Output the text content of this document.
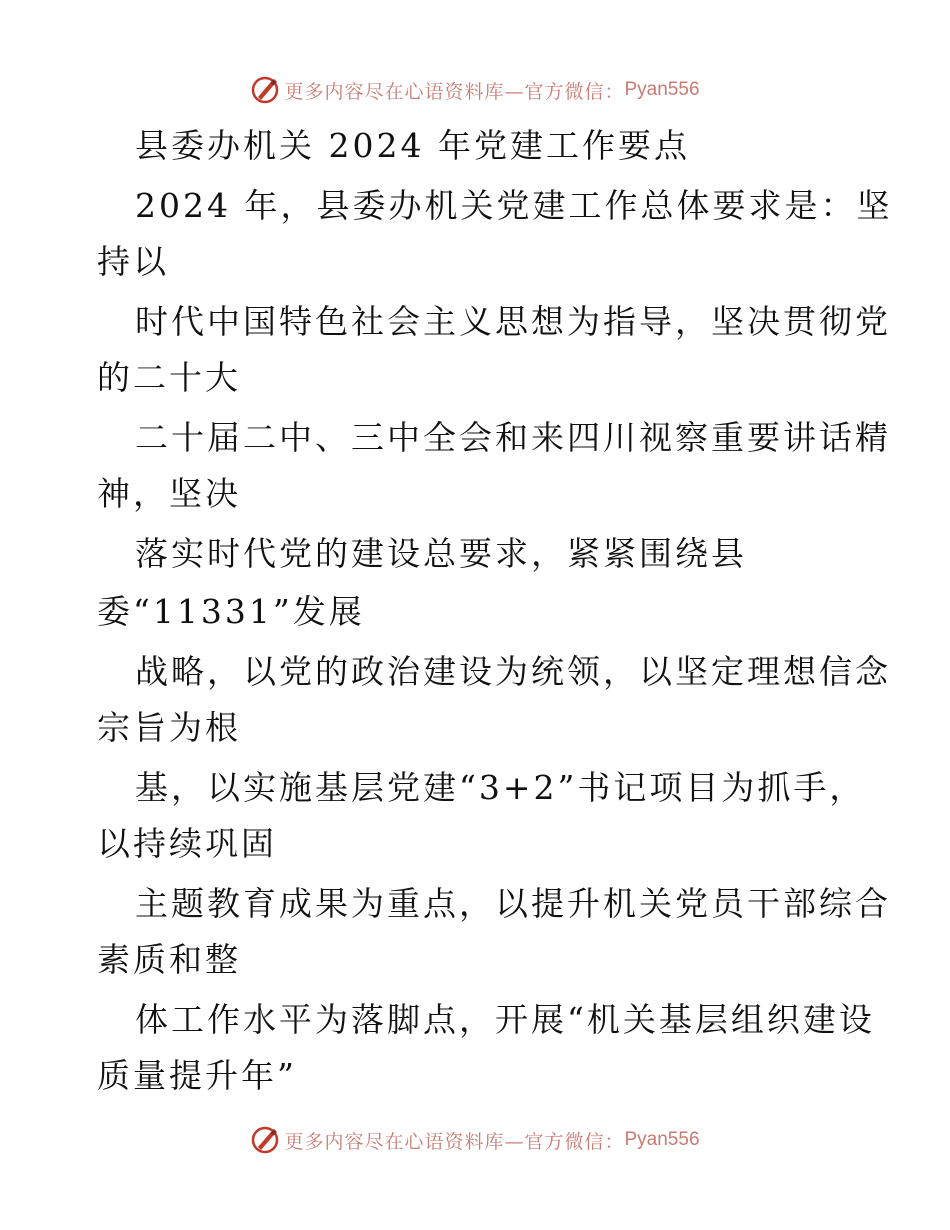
更多内容尽在心语资料库—官方微信： Pyan556
县委办机关 2024 年党建工作要点
2024 年，县委办机关党建工作总体要求是：坚
持以
时代中国特色社会主义思想为指导，坚决贯彻党
的二十大
二十届二中、三中全会和来四川视察重要讲话精
神，坚决
落实时代党的建设总要求，紧紧围绕县
委“11331”发展
战略，以党的政治建设为统领，以坚定理想信念
宗旨为根
基，以实施基层党建“3+2”书记项目为抓手，
以持续巩固
主题教育成果为重点，以提升机关党员干部综合
素质和整
体工作水平为落脚点，开展“机关基层组织建设
质量提升年”
更多内容尽在心语资料库—官方微信： Pyan556
